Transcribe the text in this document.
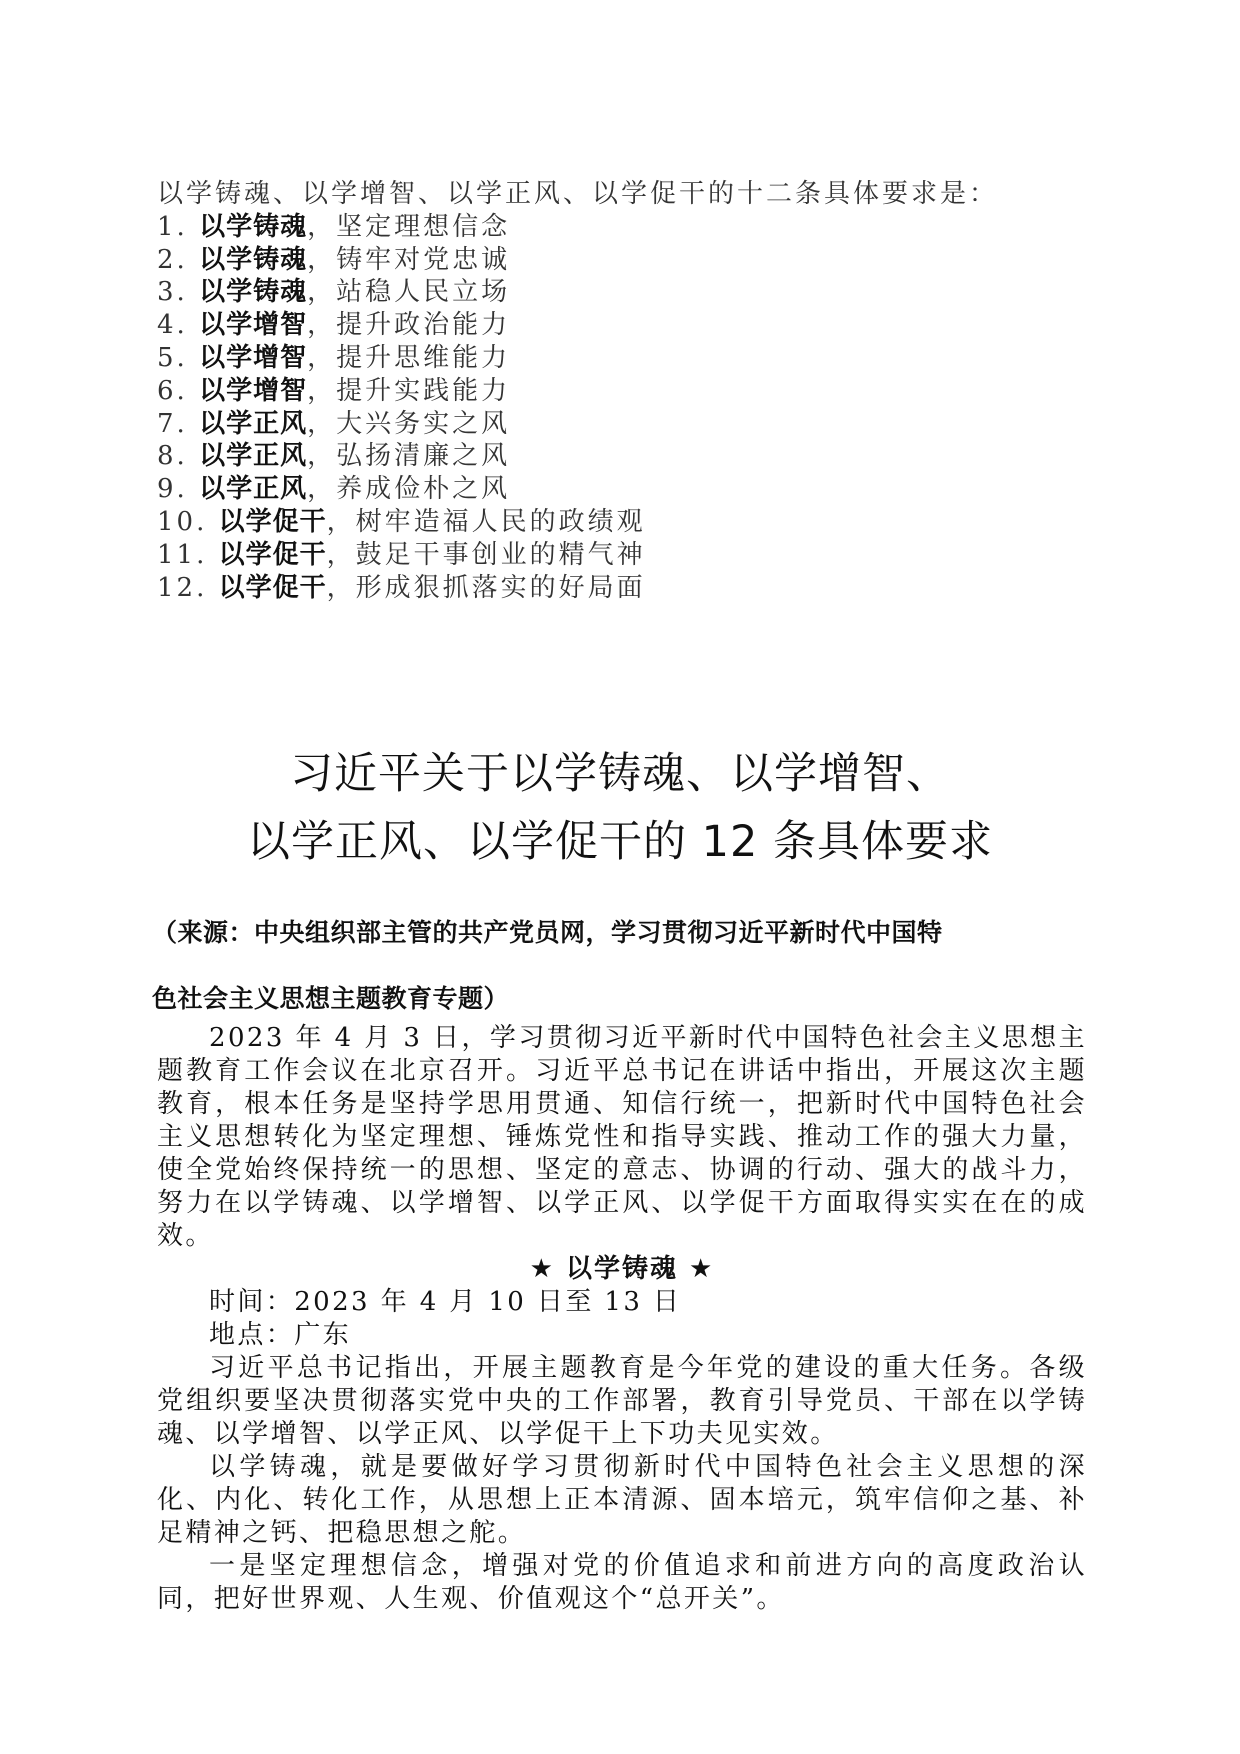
以学铸魂、以学增智、以学正风、以学促干的十二条具体要求是：
1. 以学铸魂，坚定理想信念
2. 以学铸魂，铸牢对党忠诚
3. 以学铸魂，站稳人民立场
4. 以学增智，提升政治能力
5. 以学增智，提升思维能力
6. 以学增智，提升实践能力
7. 以学正风，大兴务实之风
8. 以学正风，弘扬清廉之风
9. 以学正风，养成俭朴之风
10. 以学促干，树牢造福人民的政绩观
11. 以学促干，鼓足干事创业的精气神
12. 以学促干，形成狠抓落实的好局面
习近平关于以学铸魂、以学增智、
以学正风、以学促干的 12 条具体要求
（来源：中央组织部主管的共产党员网，学习贯彻习近平新时代中国特
色社会主义思想主题教育专题）

2023 年 4 月 3 日，学习贯彻习近平新时代中国特色社会主义思想主题教育工作会议在北京召开。习近平总书记在讲话中指出，开展这次主题教育，根本任务是坚持学思用贯通、知信行统一，把新时代中国特色社会主义思想转化为坚定理想、锤炼党性和指导实践、推动工作的强大力量，使全党始终保持统一的思想、坚定的意志、协调的行动、强大的战斗力，努力在以学铸魂、以学增智、以学正风、以学促干方面取得实实在在的成效。

★ 以学铸魂 ★
时间：2023 年 4 月 10 日至 13 日
地点：广东

习近平总书记指出，开展主题教育是今年党的建设的重大任务。各级党组织要坚决贯彻落实党中央的工作部署，教育引导党员、干部在以学铸魂、以学增智、以学正风、以学促干上下功夫见实效。

以学铸魂，就是要做好学习贯彻新时代中国特色社会主义思想的深化、内化、转化工作，从思想上正本清源、固本培元，筑牢信仰之基、补足精神之钙、把稳思想之舵。

一是坚定理想信念，增强对党的价值追求和前进方向的高度政治认同，把好世界观、人生观、价值观这个“总开关”。
